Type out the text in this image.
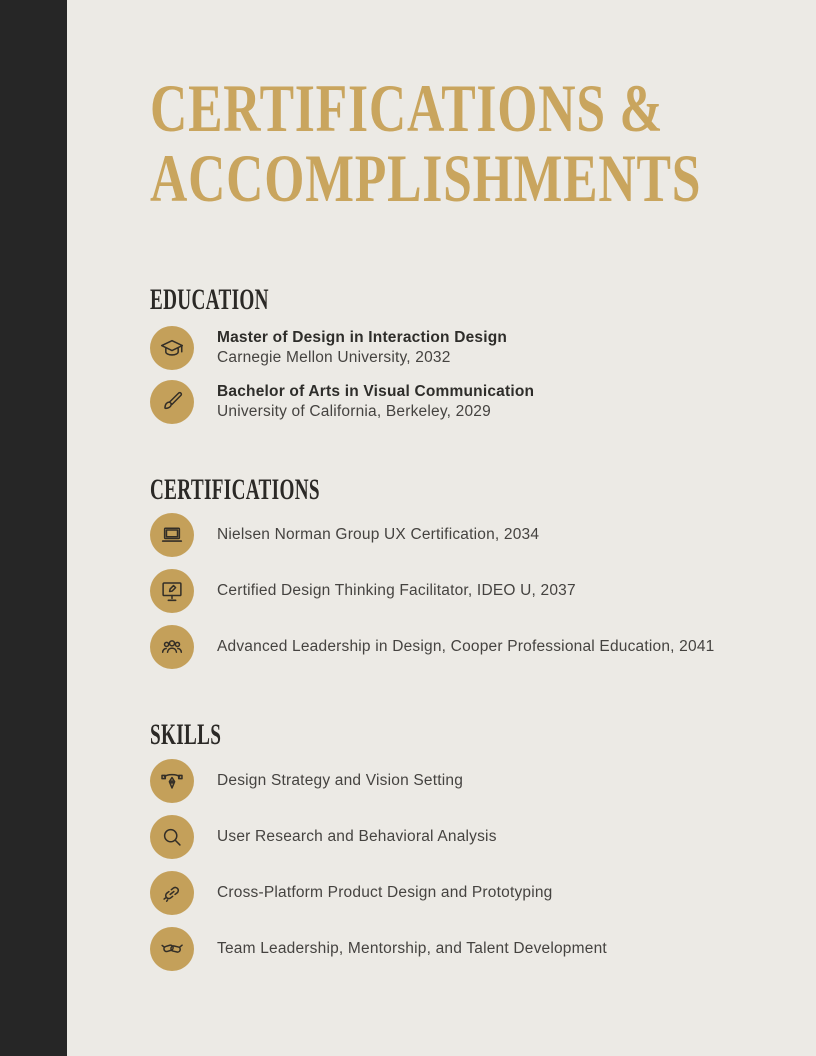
CERTIFICATIONS &
ACCOMPLISHMENTS
EDUCATION
Master of Design in Interaction Design
Carnegie Mellon University, 2032
Bachelor of Arts in Visual Communication
University of California, Berkeley, 2029
CERTIFICATIONS
Nielsen Norman Group UX Certification, 2034
Certified Design Thinking Facilitator, IDEO U, 2037
Advanced Leadership in Design, Cooper Professional Education, 2041
SKILLS
Design Strategy and Vision Setting
User Research and Behavioral Analysis
Cross-Platform Product Design and Prototyping
Team Leadership, Mentorship, and Talent Development
